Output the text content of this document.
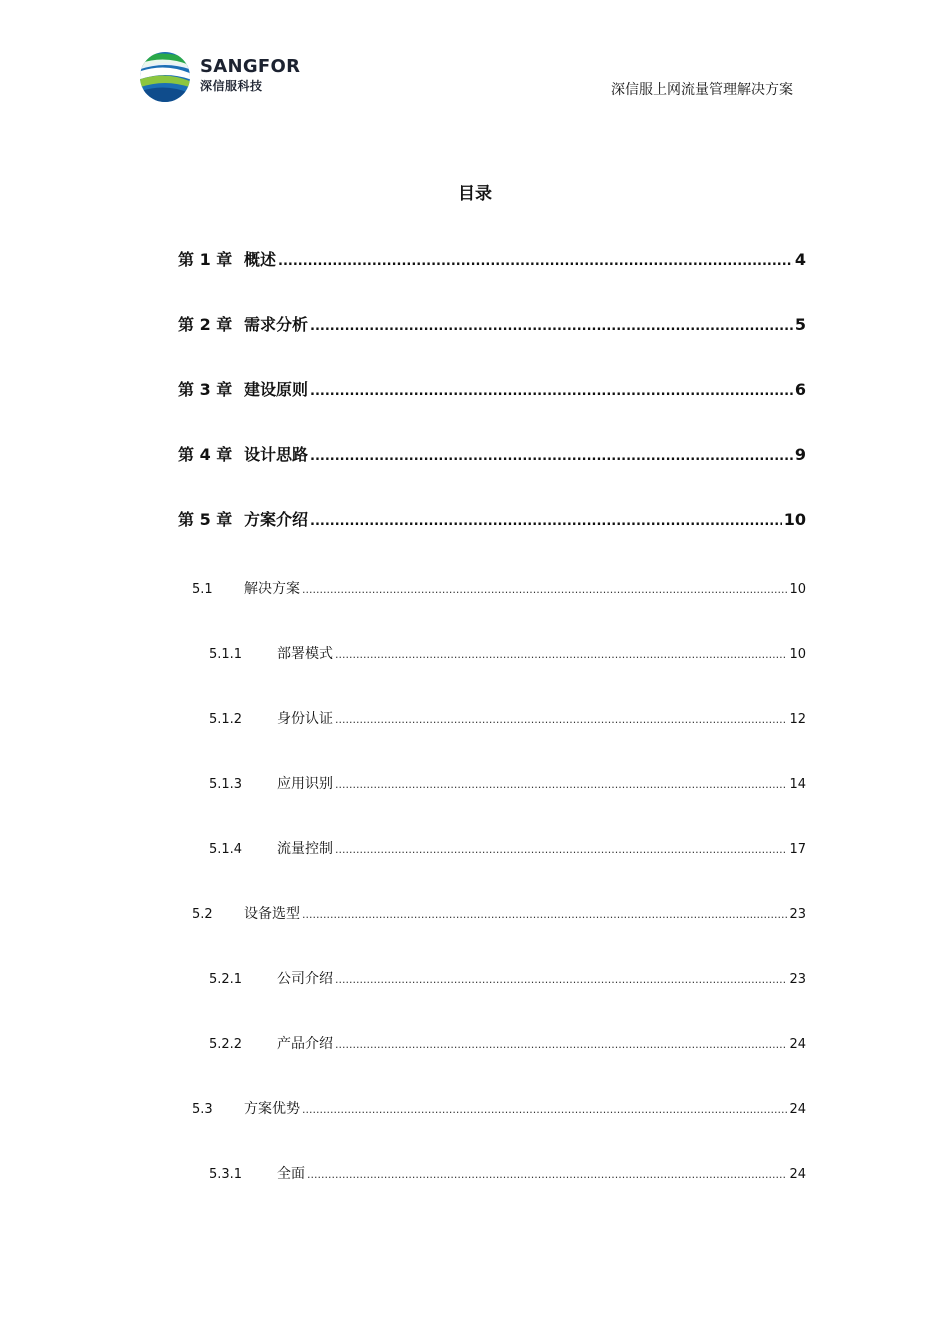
SANGFOR
深信服科技	深信服上网流量管理解决方案
目录
第 1 章 概述 .....	4
第 2 章 需求分析 .....	5
第 3 章 建设原则 .....	6
第 4 章 设计思路 .....	9
第 5 章 方案介绍 .....	10
5.1	解决方案 .....	10
5.1.1	部署模式 .....	10
5.1.2	身份认证 .....	12
5.1.3	应用识别 .....	14
5.1.4	流量控制 .....	17
5.2	设备选型 .....	23
5.2.1	公司介绍 .....	23
5.2.2	产品介绍 .....	24
5.3	方案优势 .....	24
5.3.1	全面 .....	24
